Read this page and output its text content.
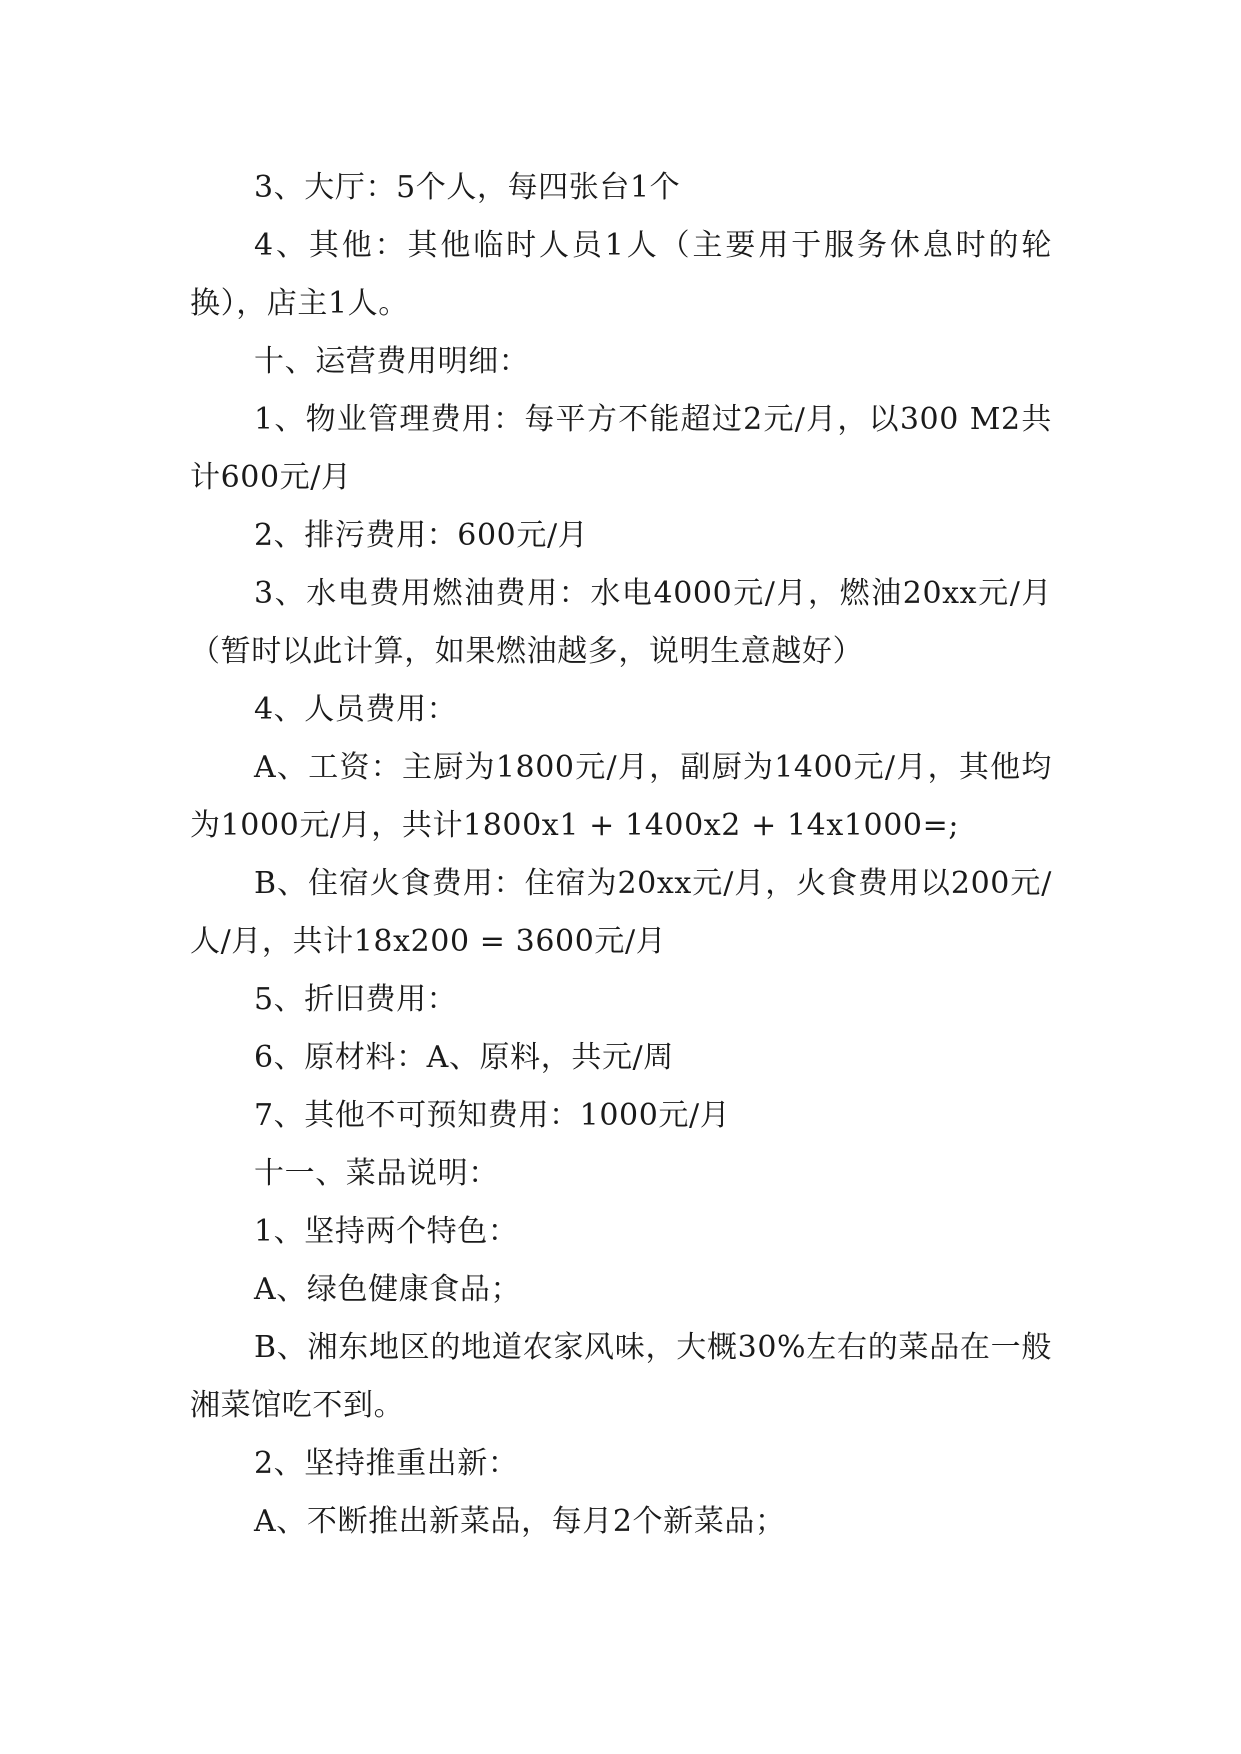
3、大厅：5个人，每四张台1个

4、其他：其他临时人员1人（主要用于服务休息时的轮换），店主1人。

十、运营费用明细：

1、物业管理费用：每平方不能超过2元/月，以300 M2共计600元/月

2、排污费用：600元/月

3、水电费用燃油费用：水电4000元/月，燃油20xx元/月（暂时以此计算，如果燃油越多，说明生意越好）

4、人员费用：

A、工资：主厨为1800元/月，副厨为1400元/月，其他均为1000元/月，共计1800x1 + 1400x2 + 14x1000=;

B、住宿火食费用：住宿为20xx元/月，火食费用以200元/人/月，共计18x200 = 3600元/月

5、折旧费用：

6、原材料：A、原料，共元/周

7、其他不可预知费用：1000元/月

十一、菜品说明：

1、坚持两个特色：

A、绿色健康食品；

B、湘东地区的地道农家风味，大概30%左右的菜品在一般湘菜馆吃不到。

2、坚持推重出新：

A、不断推出新菜品，每月2个新菜品；
